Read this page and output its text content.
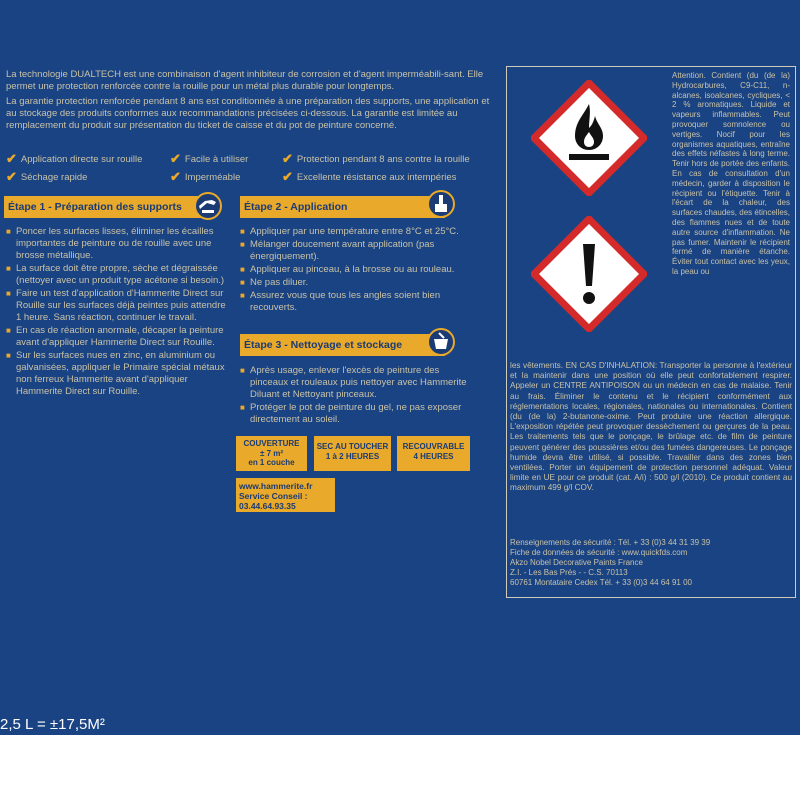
La technologie DUALTECH est une combinaison d'agent inhibiteur de corrosion et d'agent imperméabili-sant. Elle permet une protection renforcée contre la rouille pour un métal plus durable pour longtemps.

La garantie protection renforcée pendant 8 ans est conditionnée à une préparation des supports, une application et au stockage des produits conformes aux recommandations précisées ci-dessous. La garantie est limitée au remplacement du produit sur présentation du ticket de caisse et du pot de peinture concerné.

✔ Application directe sur rouille ✔ Facile à utiliser	✔ Protection pendant 8 ans contre la rouille
✔ Séchage rapide	✔ Imperméable	✔ Excellente résistance aux intempéries
Étape 1 - Préparation des supports
■ Poncer les surfaces lisses, éliminer les écailles importantes de peinture ou de rouille avec une brosse métallique.
■ La surface doit être propre, sèche et dégraissée (nettoyer avec un produit type acétone si besoin.)
■ Faire un test d'application d'Hammerite Direct sur Rouille sur les surfaces déjà peintes puis attendre 1 heure. Sans réaction, continuer le travail.
■ En cas de réaction anormale, décaper la peinture avant d'appliquer Hammerite Direct sur Rouille.
■ Sur les surfaces nues en zinc, en aluminium ou galvanisées, appliquer le Primaire spécial métaux non ferreux Hammerite avant d'appliquer Hammerite Direct sur Rouille.
Étape 2 - Application
■ Appliquer par une température entre 8°C et 25°C.
■ Mélanger doucement avant application (pas énergiquement).
■ Appliquer au pinceau, à la brosse ou au rouleau.
■ Ne pas diluer.
■ Assurez vous que tous les angles soient bien recouverts.
Étape 3 - Nettoyage et stockage
■ Après usage, enlever l'excès de peinture des pinceaux et rouleaux puis nettoyer avec Hammerite Diluant et Nettoyant pinceaux.
■ Protéger le pot de peinture du gel, ne pas exposer directement au soleil.
COUVERTURE
± 7 m²
en 1 couche
SEC AU TOUCHER
1 à 2 HEURES
RECOUVRABLE
4 HEURES
www.hammerite.fr
Service Conseil :
03.44.64.93.35
Attention. Contient (du (de la) Hydrocarbures, C9-C11, n-alcanes, isoalcanes, cycliques, < 2 % aromatiques. Liquide et vapeurs inflammables. Peut provoquer somnolence ou vertiges. Nocif pour les organismes aquatiques, entraîne des effets néfastes à long terme. Tenir hors de portée des enfants. En cas de consultation d'un médecin, garder à disposition le récipient ou l'étiquette. Tenir à l'écart de la chaleur, des surfaces chaudes, des étincelles, des flammes nues et de toute autre source d'inflammation. Ne pas fumer. Maintenir le récipient fermé de manière étanche. Éviter tout contact avec les yeux, la peau ou
les vêtements. EN CAS D'INHALATION: Transporter la personne à l'extérieur et la maintenir dans une position où elle peut confortablement respirer. Appeler un CENTRE ANTIPOISON ou un médecin en cas de malaise. Tenir au frais. Éliminer le contenu et le récipient conformément aux réglementations locales, régionales, nationales ou internationales. Contient (du (de la) 2-butanone-oxime. Peut produire une réaction allergique. L'exposition répétée peut provoquer dessèchement ou gerçures de la peau. Les traitements tels que le ponçage, le brûlage etc. de film de peinture peuvent générer des poussières et/ou des fumées dangereuses. Le ponçage humide devra être utilisé, si possible. Travailler dans des zones bien ventilées. Porter un équipement de protection personnel adéquat. Valeur limite en UE pour ce produit (cat. A/i) : 500 g/l (2010). Ce produit contient au maximum 499 g/l COV.
Renseignements de sécurité : Tél. + 33 (0)3 44 31 39 39
Fiche de données de sécurité : www.quickfds.com
Akzo Nobel Decorative Paints France
Z.I. - Les Bas Prés - - C.S. 70113
60761 Montataire Cedex Tél. + 33 (0)3 44 64 91 00
2,5 L = ±17,5M²
